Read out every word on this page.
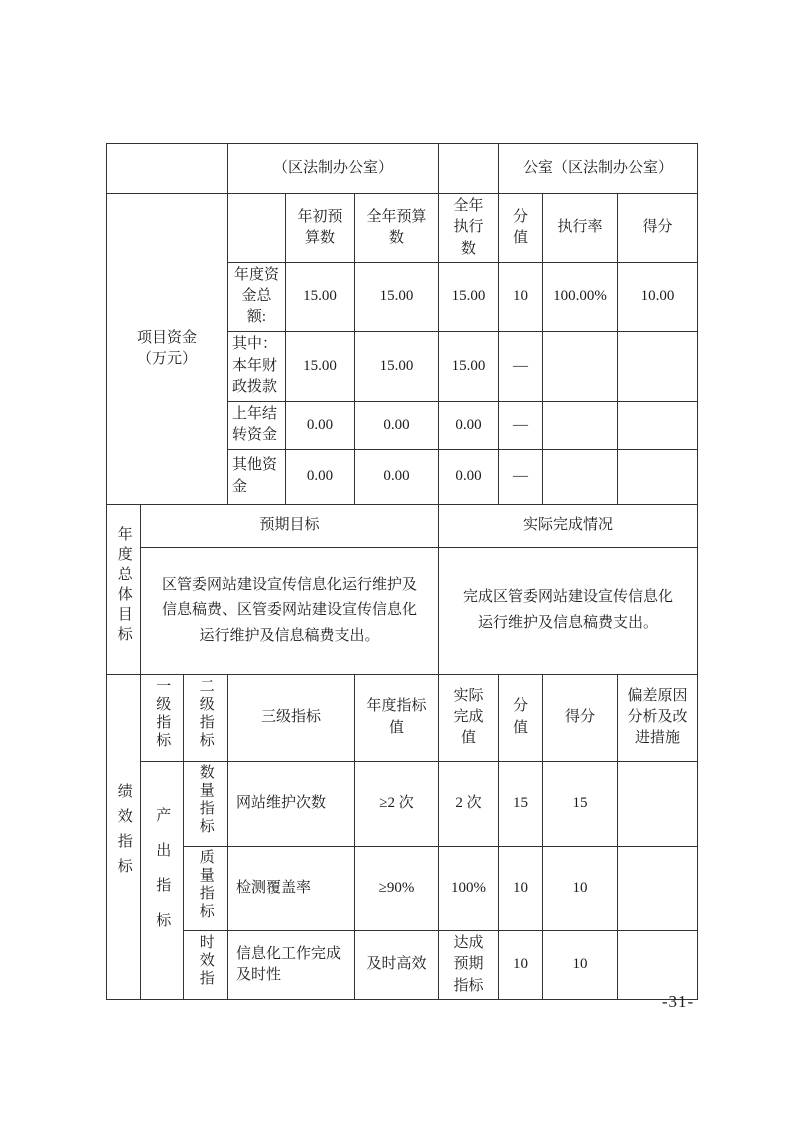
	（区法制办公室）				公室（区法制办公室）		
项目资金（万元）		年初预算数	全年预算数	全年执行数	分值	执行率	得分
	年度资金总额:	15.00	15.00	15.00	10	100.00%	10.00
	其中：本年财政拨款	15.00	15.00	15.00	—		
	上年结转资金	0.00	0.00	0.00	—		
	其他资金	0.00	0.00	0.00	—		
年度总体目标	预期目标	实际完成情况
	区管委网站建设宣传信息化运行维护及信息稿费、区管委网站建设宣传信息化运行维护及信息稿费支出。	完成区管委网站建设宣传信息化运行维护及信息稿费支出。
绩效指标	一级指标	二级指标	三级指标	年度指标值	实际完成值	分值	得分	偏差原因分析及改进措施
	产出指标	数量指标	网站维护次数	≥2 次	2 次	15	15	
		质量指标	检测覆盖率	≥90%	100%	10	10	
		时效指	信息化工作完成及时性	及时高效	达成预期指标	10	10	
-31-
